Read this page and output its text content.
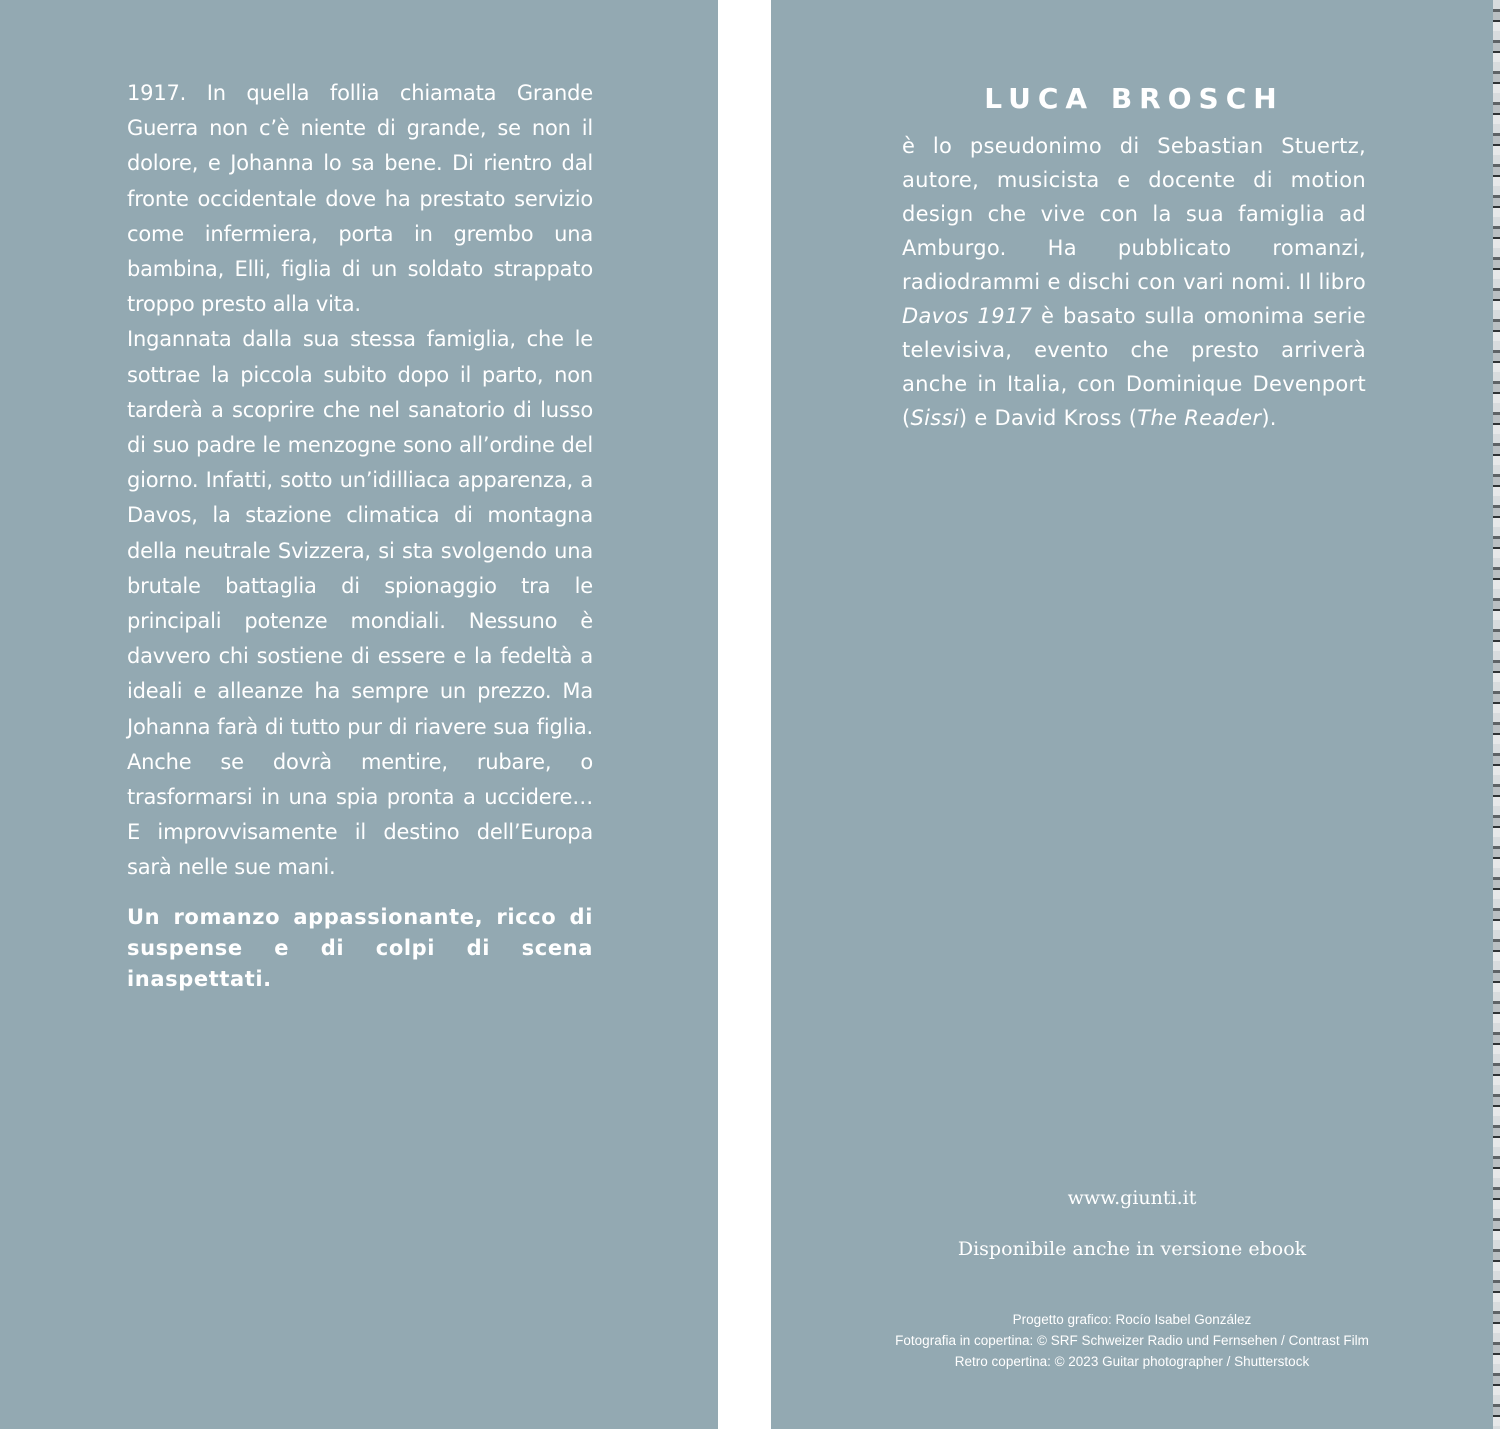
1917. In quella follia chiamata Grande Guerra non c’è niente di grande, se non il dolore, e Johanna lo sa bene. Di rientro dal fronte occidentale dove ha prestato servizio come infermiera, porta in grembo una bambina, Elli, figlia di un soldato strappato troppo presto alla vita.

Ingannata dalla sua stessa famiglia, che le sottrae la piccola subito dopo il parto, non tarderà a scoprire che nel sanatorio di lusso di suo padre le menzogne sono all’ordine del giorno. Infatti, sotto un’idilliaca apparenza, a Davos, la stazione climatica di montagna della neutrale Svizzera, si sta svolgendo una brutale battaglia di spionaggio tra le principali potenze mondiali. Nessuno è davvero chi sostiene di essere e la fedeltà a ideali e alleanze ha sempre un prezzo. Ma Johanna farà di tutto pur di riavere sua figlia. Anche se dovrà mentire, rubare, o trasformarsi in una spia pronta a uccidere… E improvvisamente il destino dell’Europa sarà nelle sue mani.

Un romanzo appassionante, ricco di suspense e di colpi di scena inaspettati.
LUCA BROSCH
è lo pseudonimo di Sebastian Stuertz, autore, musicista e docente di motion design che vive con la sua famiglia ad Amburgo. Ha pubblicato romanzi, radiodrammi e dischi con vari nomi. Il libro Davos 1917 è basato sulla omonima serie televisiva, evento che presto arriverà anche in Italia, con Dominique Devenport (Sissi) e David Kross (The Reader).
www.giunti.it
Disponibile anche in versione ebook
Progetto grafico: Rocío Isabel González
Fotografia in copertina: © SRF Schweizer Radio und Fernsehen / Contrast Film
Retro copertina: © 2023 Guitar photographer / Shutterstock
